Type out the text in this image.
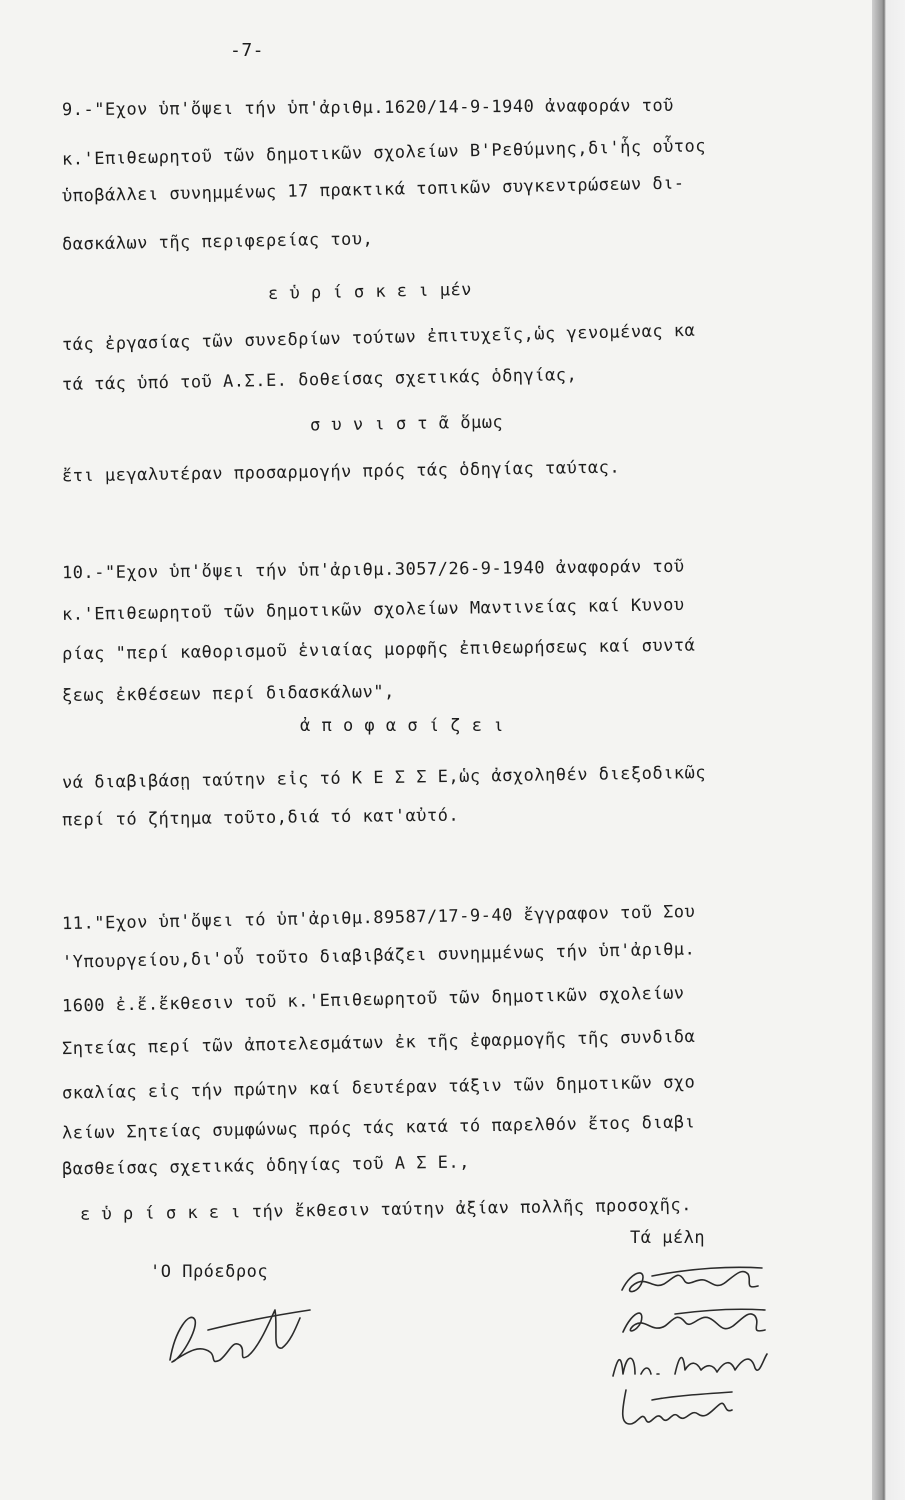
-7-
9.-"Εχον ὑπ'ὄψει τήν ὑπ'ἀριθμ.1620/14-9-1940 ἀναφοράν τοῦ
κ.'Επιθεωρητοῦ τῶν δημοτικῶν σχολείων Β'Ρεθύμνης,δι'ἧς οὗτος
ὑποβάλλει συνημμένως 17 πρακτικά τοπικῶν συγκεντρώσεων δι-
δασκάλων τῆς περιφερείας του,
ε ὑ ρ ί σ κ ε ι μέν
τάς ἐργασίας τῶν συνεδρίων τούτων ἐπιτυχεῖς,ὡς γενομένας κα
τά τάς ὑπό τοῦ Α.Σ.Ε. δοθείσας σχετικάς ὁδηγίας,
σ υ ν ι σ τ ᾶ ὅμως
ἔτι μεγαλυτέραν προσαρμογήν πρός τάς ὁδηγίας ταύτας.
10.-"Εχον ὑπ'ὄψει τήν ὑπ'ἀριθμ.3057/26-9-1940 ἀναφοράν τοῦ
κ.'Επιθεωρητοῦ τῶν δημοτικῶν σχολείων Μαντινείας καί Κυνου
ρίας "περί καθορισμοῦ ἑνιαίας μορφῆς ἐπιθεωρήσεως καί συντά
ξεως ἐκθέσεων περί διδασκάλων",
ἀ π ο φ α σ ί ζ ε ι
νά διαβιβάσῃ ταύτην εἰς τό Κ Ε Σ Σ Ε,ὡς ἀσχοληθέν διεξοδικῶς
περί τό ζήτημα τοῦτο,διά τό κατ'αὐτό.
11."Εχον ὑπ'ὄψει τό ὑπ'ἀριθμ.89587/17-9-40 ἔγγραφον τοῦ Σου
'Υπουργείου,δι'οὗ τοῦτο διαβιβάζει συνημμένως τήν ὑπ'ἀριθμ.
1600 ἐ.ἔ.ἔκθεσιν τοῦ κ.'Επιθεωρητοῦ τῶν δημοτικῶν σχολείων
Σητείας περί τῶν ἀποτελεσμάτων ἐκ τῆς ἐφαρμογῆς τῆς συνδιδα
σκαλίας εἰς τήν πρώτην καί δευτέραν τάξιν τῶν δημοτικῶν σχο
λείων Σητείας συμφώνως πρός τάς κατά τό παρελθόν ἔτος διαβι
βασθείσας σχετικάς ὁδηγίας τοῦ Α Σ Ε.,
ε ὑ ρ ί σ κ ε ι τήν ἔκθεσιν ταύτην ἀξίαν πολλῆς προσοχῆς.
Τά μέλη
'Ο Πρόεδρος
